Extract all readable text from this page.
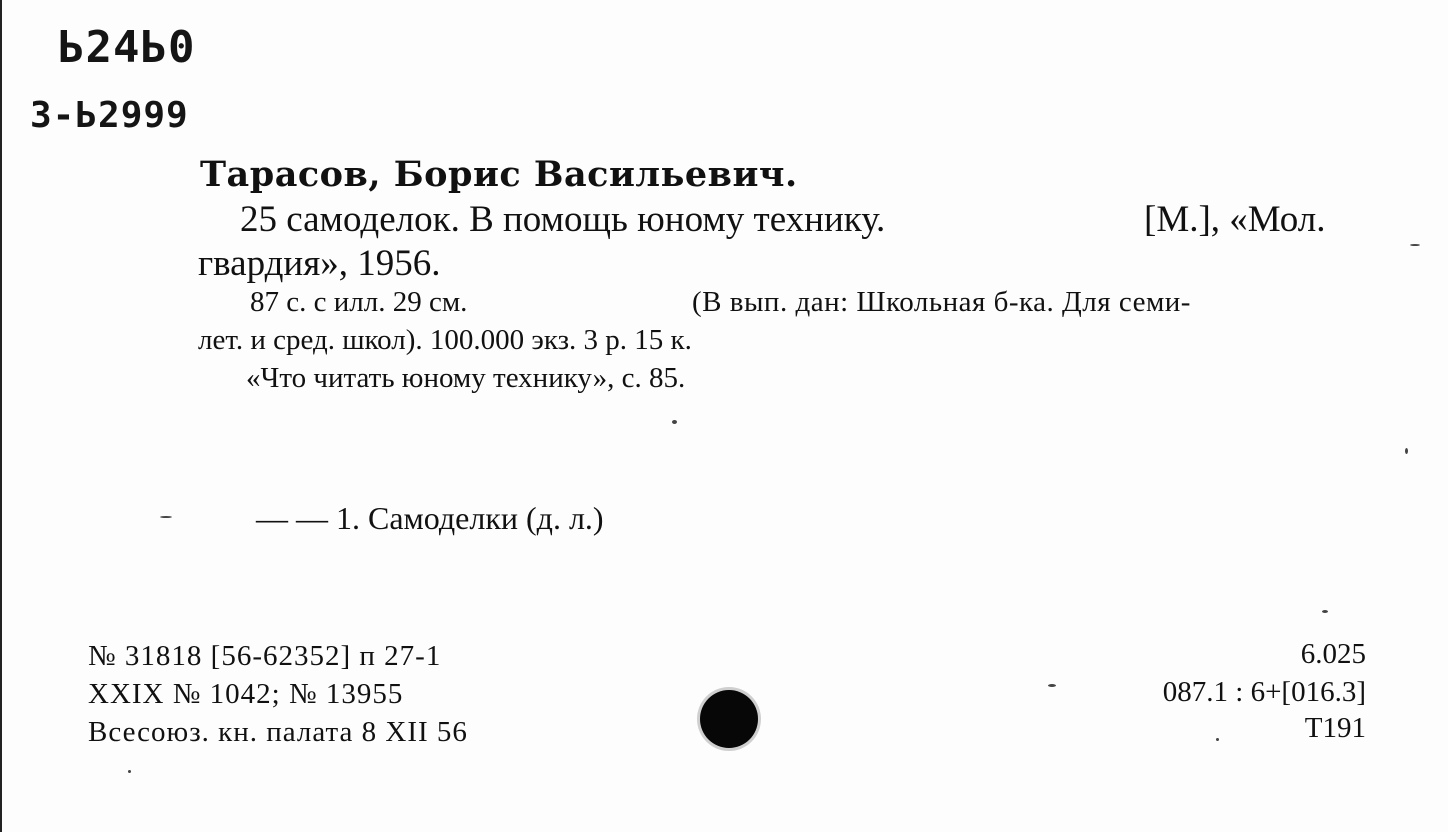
Ь24Ь0
3-Ь2999
Тарасов, Борис Васильевич.
25 самоделок. В помощь юному технику.	[М.], «Мол.
гвардия», 1956.
87 с. с илл. 29 см.	(В вып. дан: Школьная б-ка. Для семи-
лет. и сред. школ). 100.000 экз. 3 р. 15 к.
«Что читать юному технику», с. 85.
— — 1. Самоделки (д. л.)
№ 31818 [56-62352] п 27-1
XXIX № 1042; № 13955
Всесоюз. кн. палата 8 XII 56
6.025
087.1 : 6+[016.3]
Т191
